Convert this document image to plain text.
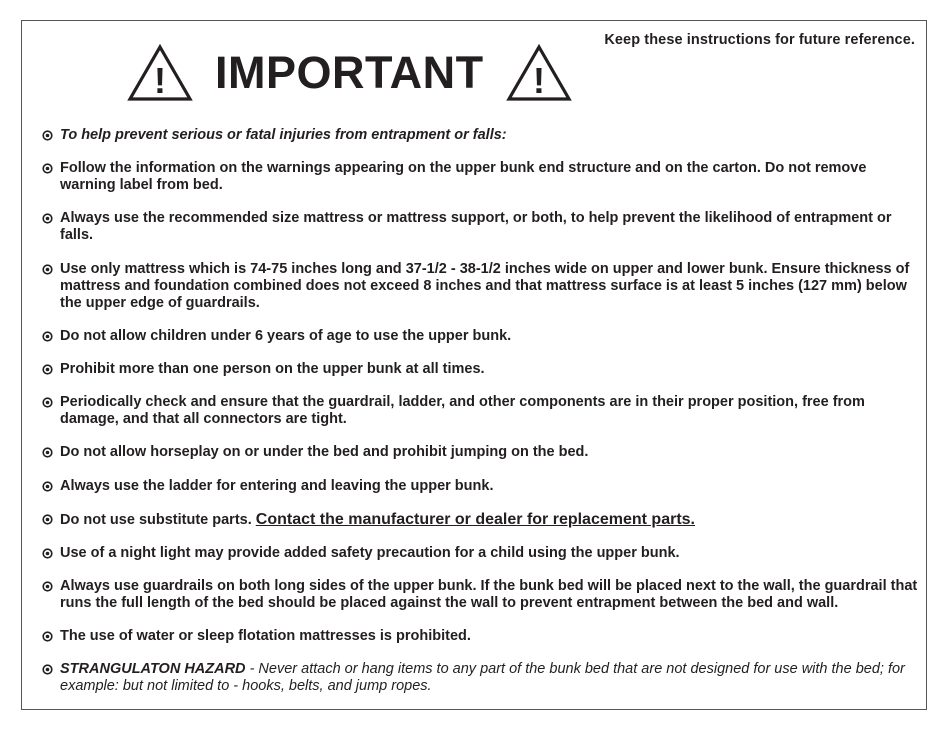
Keep these instructions for future reference.
! IMPORTANT !
To help prevent serious or fatal injuries from entrapment or falls:
Follow the information on the warnings appearing on the upper bunk end structure and on the carton. Do not remove warning label from bed.
Always use the recommended size mattress or mattress support, or both, to help prevent the likelihood of entrapment or falls.
Use only mattress which is 74-75 inches long and 37-1/2 - 38-1/2 inches wide on upper and lower bunk. Ensure thickness of mattress and foundation combined does not exceed 8 inches and that mattress surface is at least 5 inches (127 mm) below the upper edge of guardrails.
Do not allow children under 6 years of age to use the upper bunk.
Prohibit more than one person on the upper bunk at all times.
Periodically check and ensure that the guardrail, ladder, and other components are in their proper position, free from damage, and that all connectors are tight.
Do not allow horseplay on or under the bed and prohibit jumping on the bed.
Always use the ladder for entering and leaving the upper bunk.
Do not use substitute parts. Contact the manufacturer or dealer for replacement parts.
Use of a night light may provide added safety precaution for a child using the upper bunk.
Always use guardrails on both long sides of the upper bunk. If the bunk bed will be placed next to the wall, the guardrail that runs the full length of the bed should be placed against the wall to prevent entrapment between the bed and wall.
The use of water or sleep flotation mattresses is prohibited.
STRANGULATON HAZARD - Never attach or hang items to any part of the bunk bed that are not designed for use with the bed; for example: but not limited to - hooks, belts, and jump ropes.
